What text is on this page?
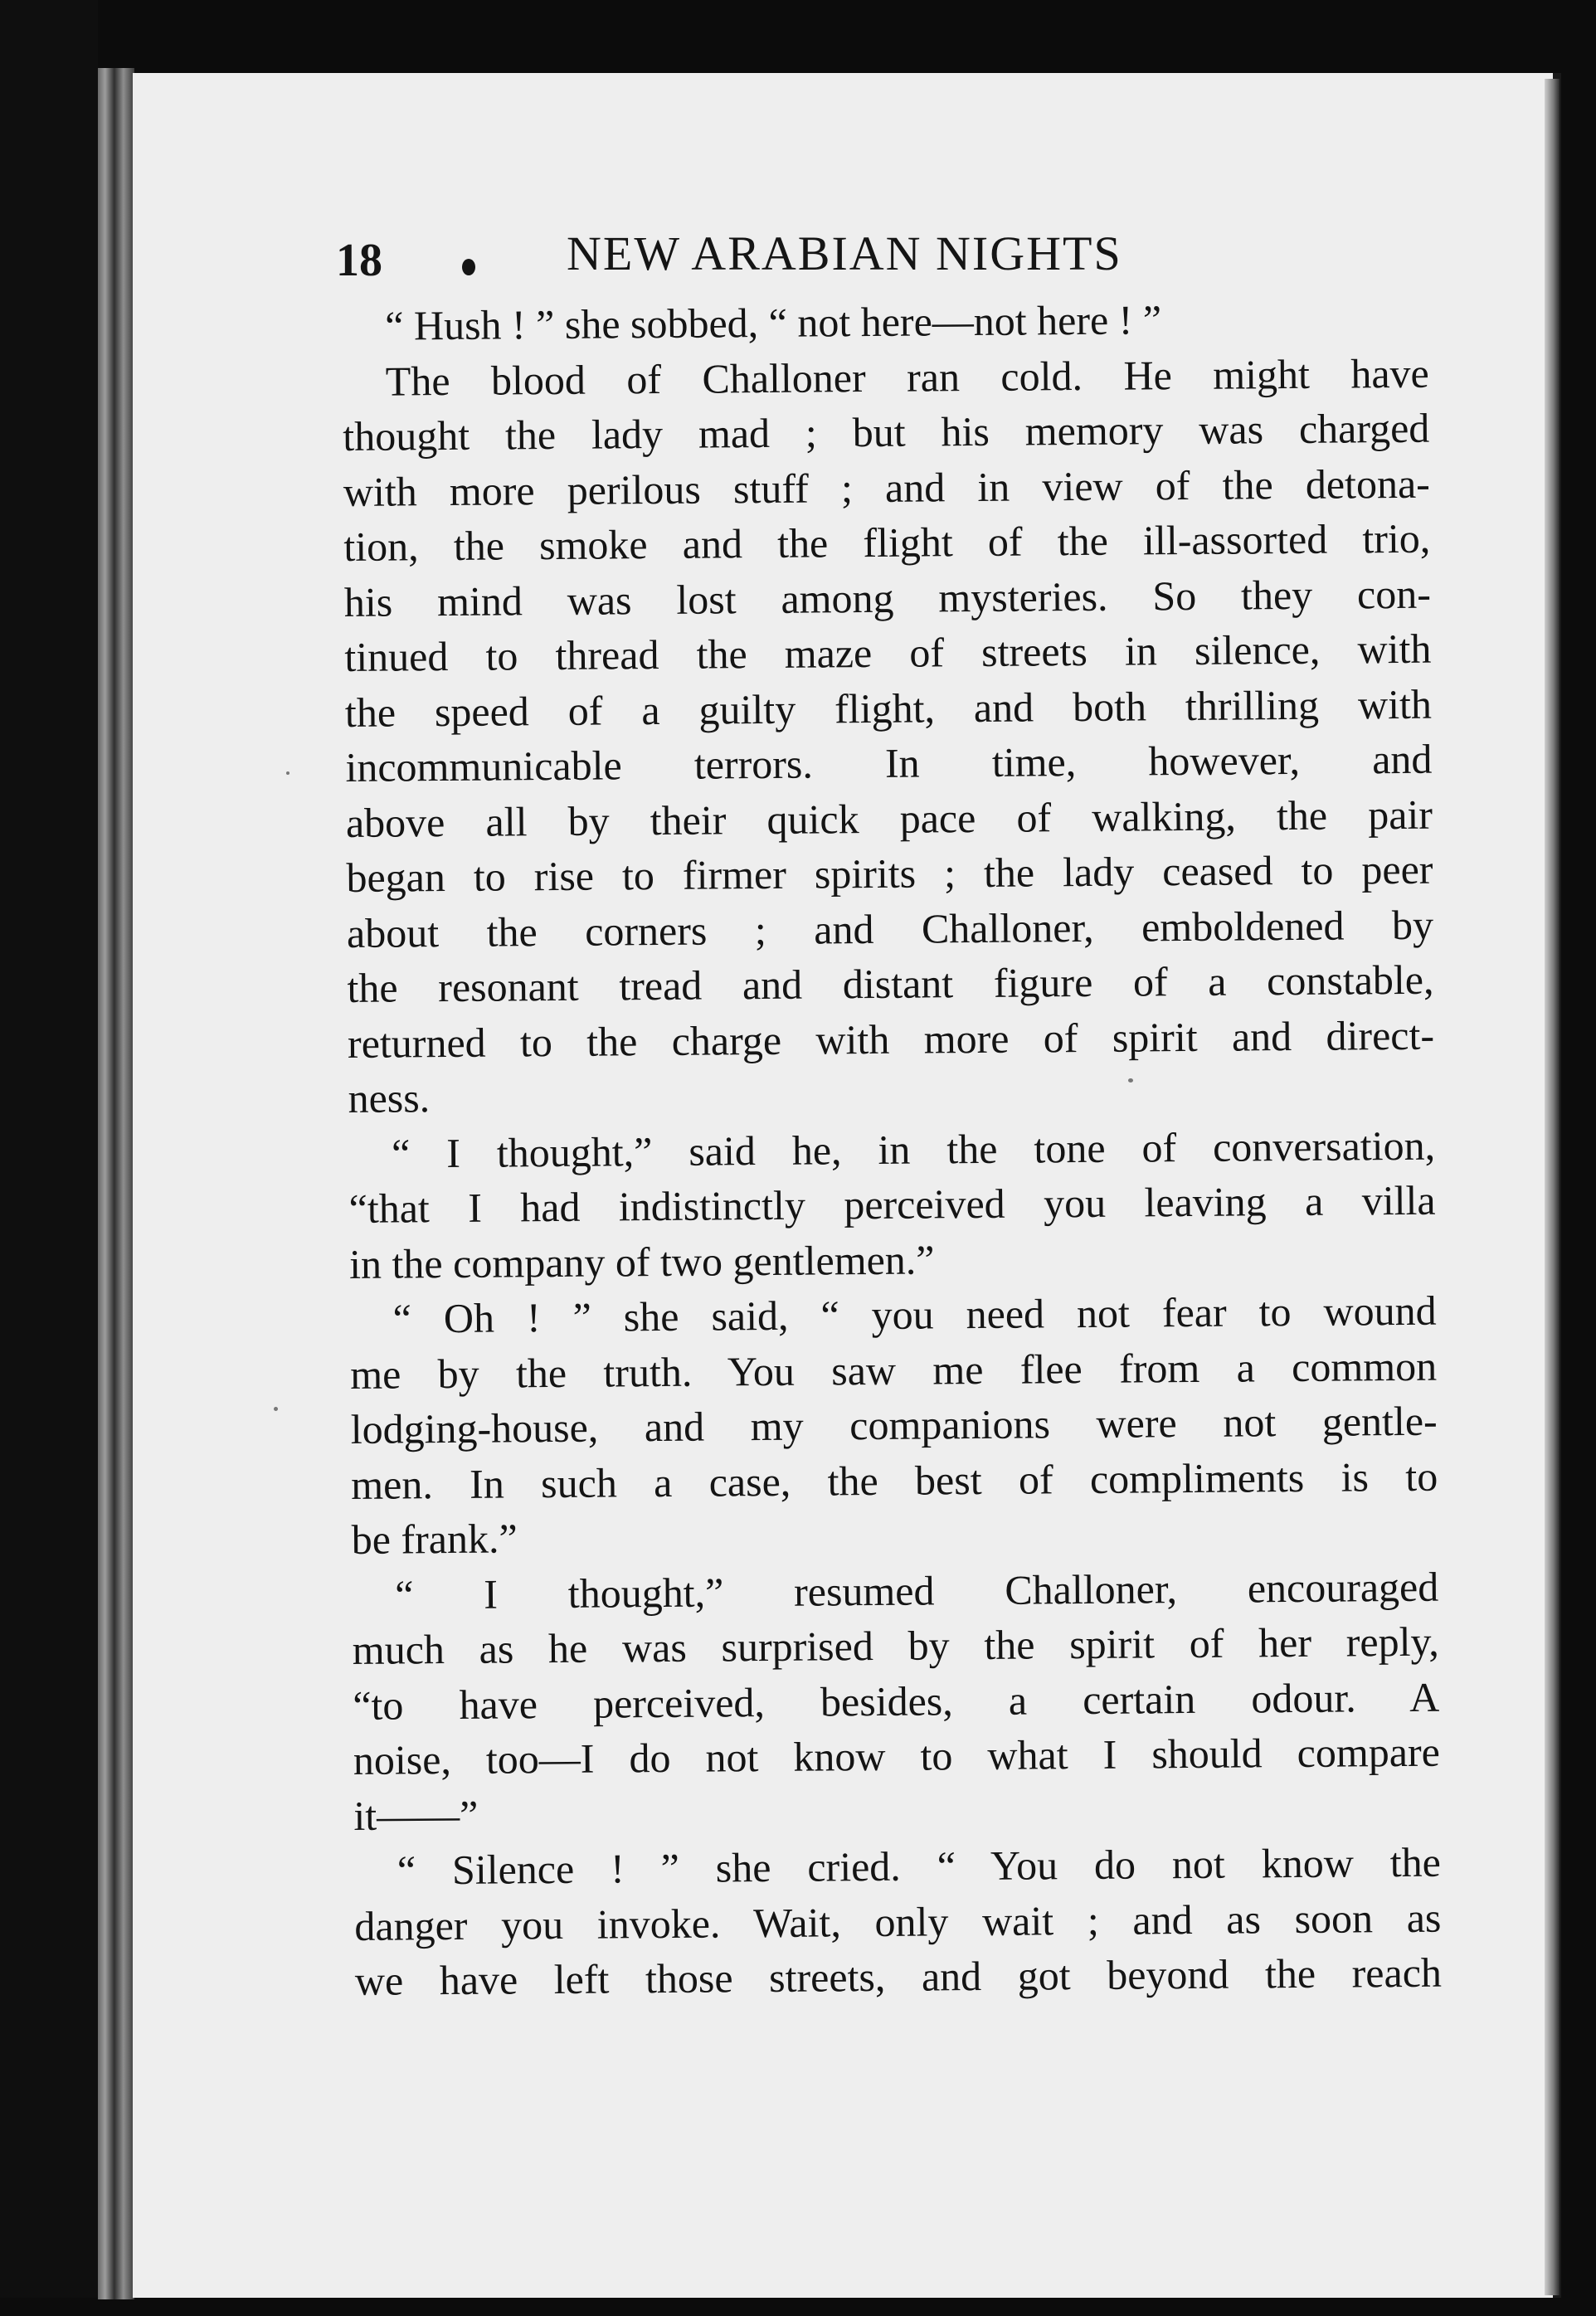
18	NEW ARABIAN NIGHTS

“ Hush ! ” she sobbed, “ not here—not here ! ”

The blood of Challoner ran cold. He might have
thought the lady mad ; but his memory was charged
with more perilous stuff ; and in view of the detona-
tion, the smoke and the flight of the ill-assorted trio,
his mind was lost among mysteries. So they con-
tinued to thread the maze of streets in silence, with
the speed of a guilty flight, and both thrilling with
incommunicable terrors. In time, however, and
above all by their quick pace of walking, the pair
began to rise to firmer spirits ; the lady ceased to peer
about the corners ; and Challoner, emboldened by
the resonant tread and distant figure of a constable,
returned to the charge with more of spirit and direct-
ness.

“ I thought,” said he, in the tone of conversation,
“that I had indistinctly perceived you leaving a villa
in the company of two gentlemen.”

“ Oh ! ” she said, “ you need not fear to wound
me by the truth. You saw me flee from a common
lodging-house, and my companions were not gentle-
men. In such a case, the best of compliments is to
be frank.”

“ I thought,” resumed Challoner, encouraged
much as he was surprised by the spirit of her reply,
“to have perceived, besides, a certain odour. A
noise, too—I do not know to what I should compare
it——”

“ Silence ! ” she cried. “ You do not know the
danger you invoke. Wait, only wait ; and as soon as
we have left those streets, and got beyond the reach
